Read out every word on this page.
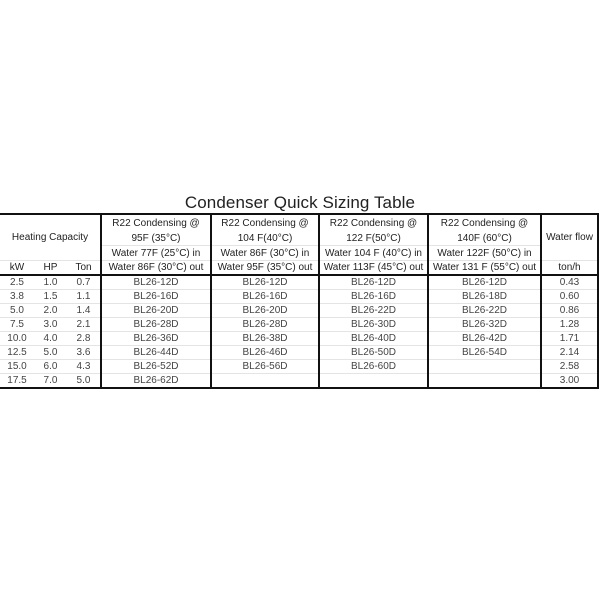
Condenser Quick Sizing Table
Heating Capacity			R22 Condensing @	R22 Condensing @	R22 Condensing @	R22 Condensing @	Water flow
			95F (35°C)	104 F(40°C)	122 F(50°C)	140F (60°C)	
			Water 77F (25°C) in	Water 86F (30°C) in	Water 104 F (40°C) in	Water 122F (50°C) in	
kW	HP	Ton	Water 86F (30°C) out	Water 95F (35°C) out	Water 113F (45°C) out	Water 131 F (55°C) out	ton/h
2.5	1.0	0.7	BL26-12D	BL26-12D	BL26-12D	BL26-12D	0.43
3.8	1.5	1.1	BL26-16D	BL26-16D	BL26-16D	BL26-18D	0.60
5.0	2.0	1.4	BL26-20D	BL26-20D	BL26-22D	BL26-22D	0.86
7.5	3.0	2.1	BL26-28D	BL26-28D	BL26-30D	BL26-32D	1.28
10.0	4.0	2.8	BL26-36D	BL26-38D	BL26-40D	BL26-42D	1.71
12.5	5.0	3.6	BL26-44D	BL26-46D	BL26-50D	BL26-54D	2.14
15.0	6.0	4.3	BL26-52D	BL26-56D	BL26-60D		2.58
17.5	7.0	5.0	BL26-62D				3.00
